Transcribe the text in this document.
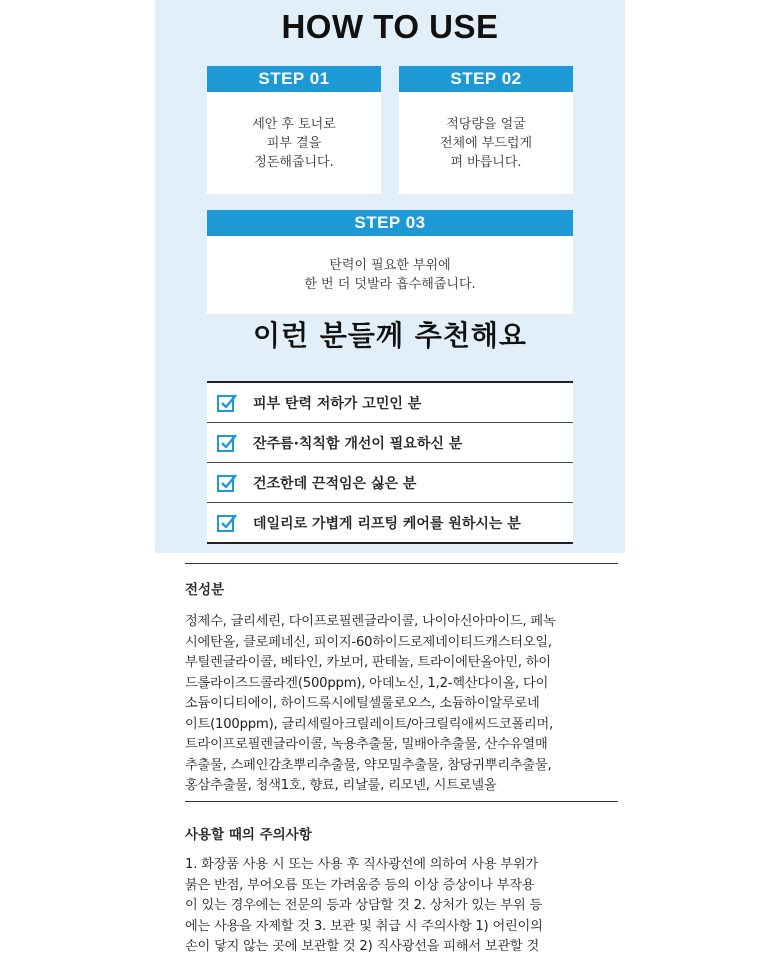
HOW TO USE
STEP 01
세안 후 토너로
피부 결을
정돈해줍니다.
STEP 02
적당량을 얼굴
전체에 부드럽게
펴 바릅니다.
STEP 03
탄력이 필요한 부위에
한 번 더 덧발라 흡수해줍니다.
이런 분들께 추천해요
피부 탄력 저하가 고민인 분
잔주름·칙칙함 개선이 필요하신 분
건조한데 끈적임은 싫은 분
데일리로 가볍게 리프팅 케어를 원하시는 분
전성분
정제수, 글리세린, 다이프로필렌글라이콜, 나이아신아마이드, 페녹
시에탄올, 클로페네신, 피이지-60하이드로제네이티드캐스터오일,
부틸렌글라이콜, 베타인, 카보머, 판테놀, 트라이에탄올아민, 하이
드롤라이즈드콜라겐(500ppm), 아데노신, 1,2-헥산다이올, 다이
소듐이디티에이, 하이드록시에틸셀룰로오스, 소듐하이알루로네
이트(100ppm), 글리세릴아크릴레이트/아크릴릭애씨드코폴리머,
트라이프로필렌글라이콜, 녹용추출물, 밀배아추출물, 산수유열매
추출물, 스페인감초뿌리추출물, 약모밀추출물, 참당귀뿌리추출물,
홍삼추출물, 청색1호, 향료, 리날룰, 리모넨, 시트로넬올
사용할 때의 주의사항
1. 화장품 사용 시 또는 사용 후 직사광선에 의하여 사용 부위가
붉은 반점, 부어오름 또는 가려움증 등의 이상 증상이나 부작용
이 있는 경우에는 전문의 등과 상담할 것 2. 상처가 있는 부위 등
에는 사용을 자제할 것 3. 보관 및 취급 시 주의사항 1) 어린이의
손이 닿지 않는 곳에 보관할 것 2) 직사광선을 피해서 보관할 것
